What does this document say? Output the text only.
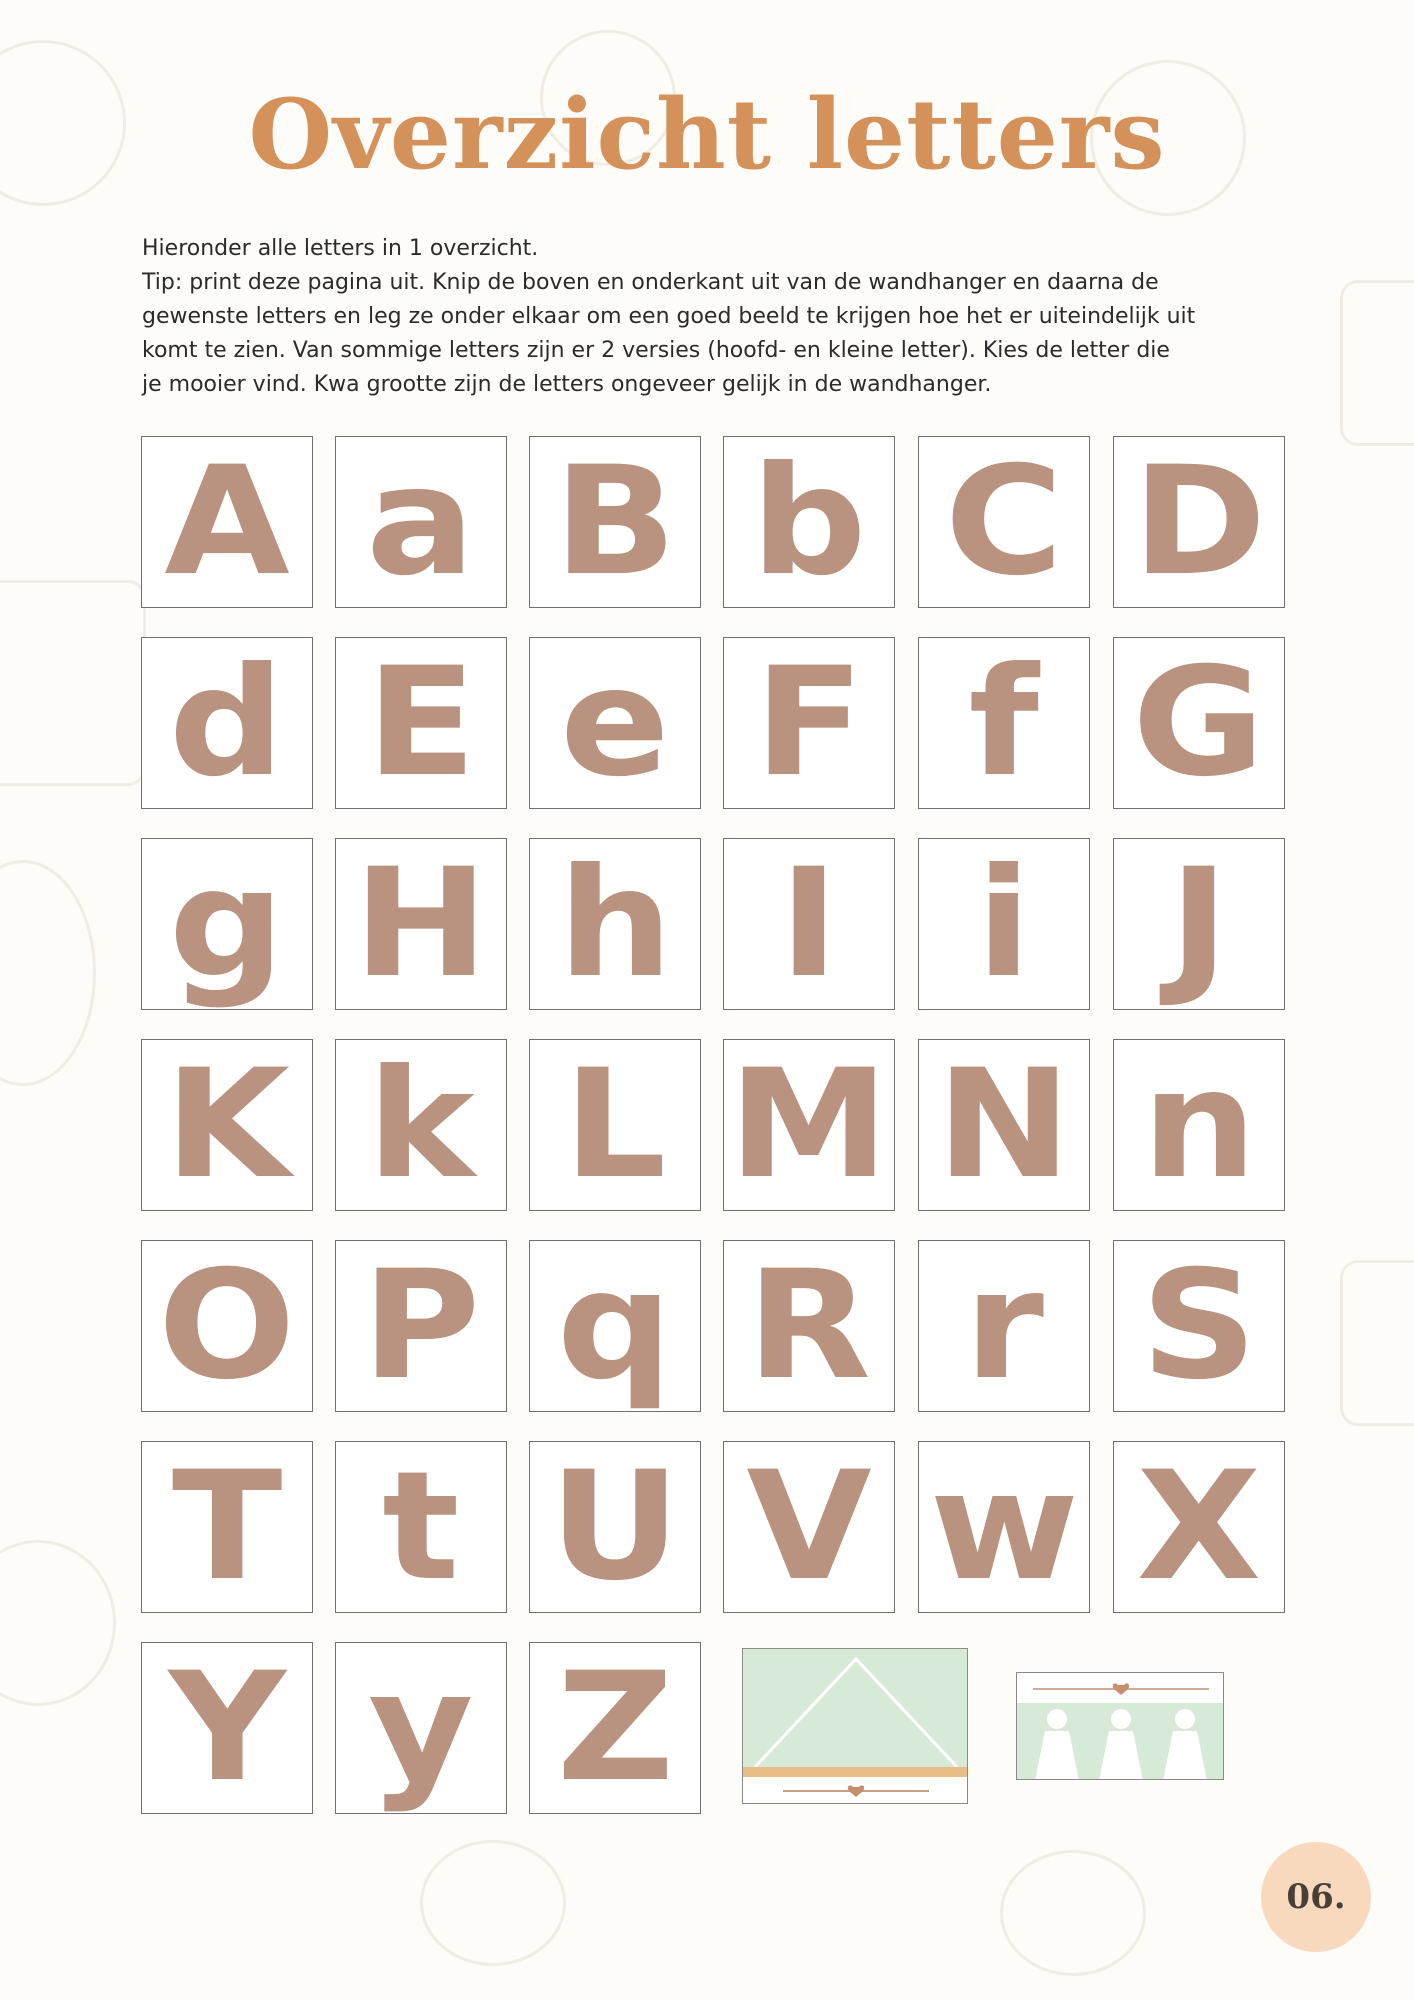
Overzicht letters

Hieronder alle letters in 1 overzicht.

Tip: print deze pagina uit. Knip de boven en onderkant uit van de wandhanger en daarna de

gewenste letters en leg ze onder elkaar om een goed beeld te krijgen hoe het er uiteindelijk uit

komt te zien. Van sommige letters zijn er 2 versies (hoofd- en kleine letter). Kies de letter die

je mooier vind. Kwa grootte zijn de letters ongeveer gelijk in de wandhanger.

A a B b C D
d E e F f G
g H h I i J
K k L M N n
O P q R r S
T t U V w X
Y y Z
06.
